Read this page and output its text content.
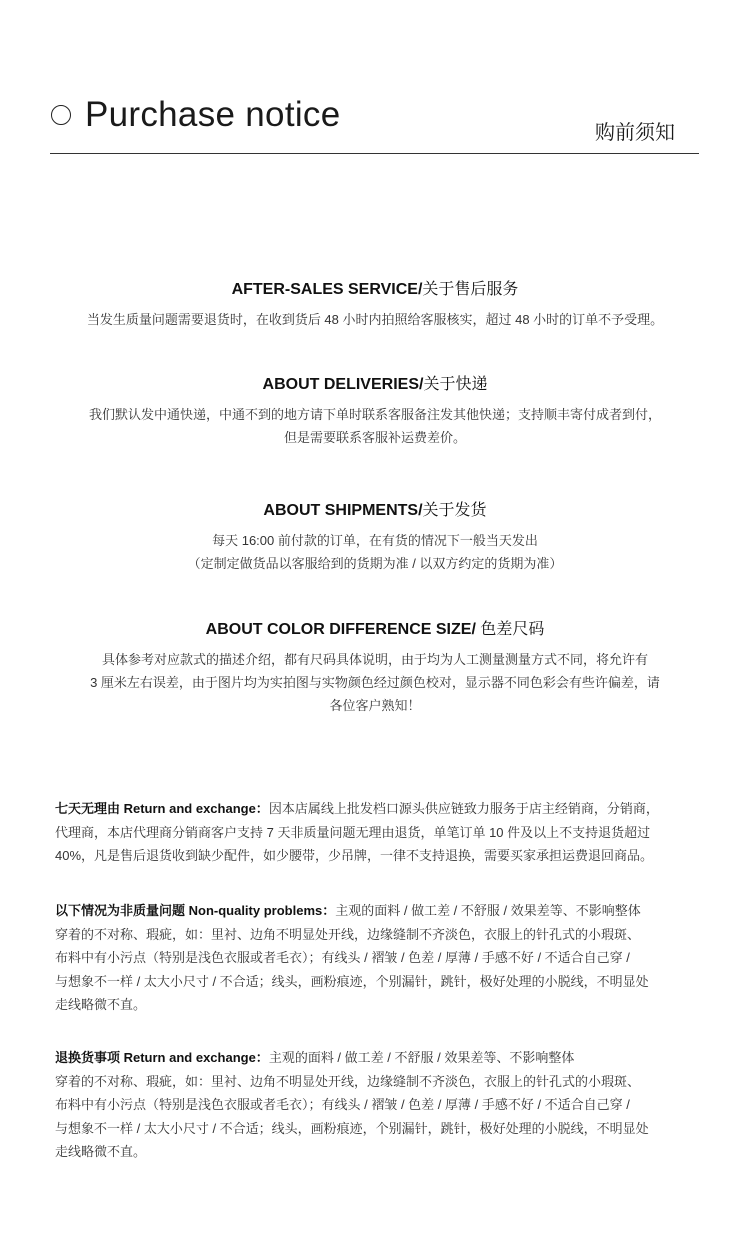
Purchase notice	购前须知
AFTER-SALES SERVICE/关于售后服务

当发生质量问题需要退货时，在收到货后 48 小时内拍照给客服核实，超过 48 小时的订单不予受理。

ABOUT DELIVERIES/关于快递

我们默认发中通快递，中通不到的地方请下单时联系客服备注发其他快递；支持顺丰寄付成者到付，
但是需要联系客服补运费差价。

ABOUT SHIPMENTS/关于发货

每天 16:00 前付款的订单，在有货的情况下一般当天发出
（定制定做货品以客服给到的货期为准 / 以双方约定的货期为准）

ABOUT COLOR DIFFERENCE SIZE/ 色差尺码

具体参考对应款式的描述介绍，都有尺码具体说明，由于均为人工测量测量方式不同，将允许有
3 厘米左右误差，由于图片均为实拍图与实物颜色经过颜色校对，显示器不同色彩会有些许偏差，请
各位客户熟知！

七天无理由 Return and exchange：因本店属线上批发档口源头供应链致力服务于店主经销商，分销商，
代理商，本店代理商分销商客户支持 7 天非质量问题无理由退货，单笔订单 10 件及以上不支持退货超过
40%，凡是售后退货收到缺少配件，如少腰带，少吊牌，一律不支持退换，需要买家承担运费退回商品。
以下情况为非质量问题 Non-quality problems：主观的面料 / 做工差 / 不舒服 / 效果差等、不影响整体
穿着的不对称、瑕疵，如：里衬、边角不明显处开线，边缘缝制不齐淡色，衣服上的针孔式的小瑕斑、
布料中有小污点（特别是浅色衣服或者毛衣）；有线头 / 褶皱 / 色差 / 厚薄 / 手感不好 / 不适合自己穿 /
与想象不一样 / 太大小尺寸 / 不合适；线头，画粉痕迹，个别漏针，跳针，极好处理的小脱线，不明显处
走线略微不直。
退换货事项 Return and exchange：主观的面料 / 做工差 / 不舒服 / 效果差等、不影响整体
穿着的不对称、瑕疵，如：里衬、边角不明显处开线，边缘缝制不齐淡色，衣服上的针孔式的小瑕斑、
布料中有小污点（特别是浅色衣服或者毛衣）；有线头 / 褶皱 / 色差 / 厚薄 / 手感不好 / 不适合自己穿 /
与想象不一样 / 太大小尺寸 / 不合适；线头，画粉痕迹，个别漏针，跳针，极好处理的小脱线，不明显处
走线略微不直。
